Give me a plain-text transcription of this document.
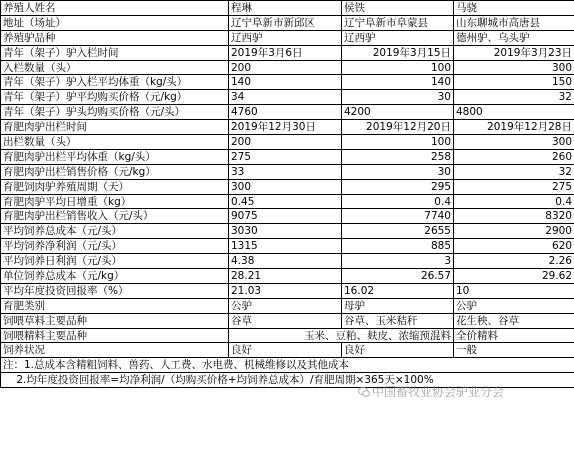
养殖人姓名	程琳	侯铁	马骁
地址（场址）	辽宁阜新市新邱区	辽宁阜新市阜蒙县	山东聊城市高唐县
养殖驴品种	辽西驴	辽西驴	德州驴、乌头驴
青年（架子）驴入栏时间	2019年3月6日	2019年3月15日	2019年3月23日
入栏数量（头）	200	100	300
青年（架子）驴入栏平均体重（kg/头）	140	140	150
青年（架子）驴平均购买价格（元/kg）	34	30	32
青年（架子）驴头均购买价格（元/头）	4760	4200	4800
育肥肉驴出栏时间	2019年12月30日	2019年12月20日	2019年12月28日
出栏数量（头）	200	100	300
育肥肉驴出栏平均体重（kg/头）	275	258	260
育肥肉驴出栏销售价格（元/kg）	33	30	32
育肥饲肉驴养殖周期（天）	300	295	275
育肥肉驴平均日增重（kg）	0.45	0.4	0.4
育肥肉驴出栏销售收入（元/头）	9075	7740	8320
平均饲养总成本（元/头）	3030	2655	2900
平均饲养净利润（元/头）	1315	885	620
平均饲养日利润（元/头）	4.38	3	2.26
单位饲养总成本（元/kg）	28.21	26.57	29.62
平均年度投资回报率（%）	21.03	16.02	10
育肥类别	公驴	母驴	公驴
饲喂草料主要品种	谷草	谷草、玉米秸秆	花生秧、谷草
饲喂精料主要品种	玉米、豆粕、麸皮、浓缩预混料		全价精料
饲养状况	良好	良好	一般
注：1.总成本含精粗饲料、兽药、人工费、水电费、机械维修以及其他成本			
2.均年度投资回报率=均净利润/（均购买价格+均饲养总成本）/育肥周期×365天×100%			
中国畜牧业协会驴业分会
